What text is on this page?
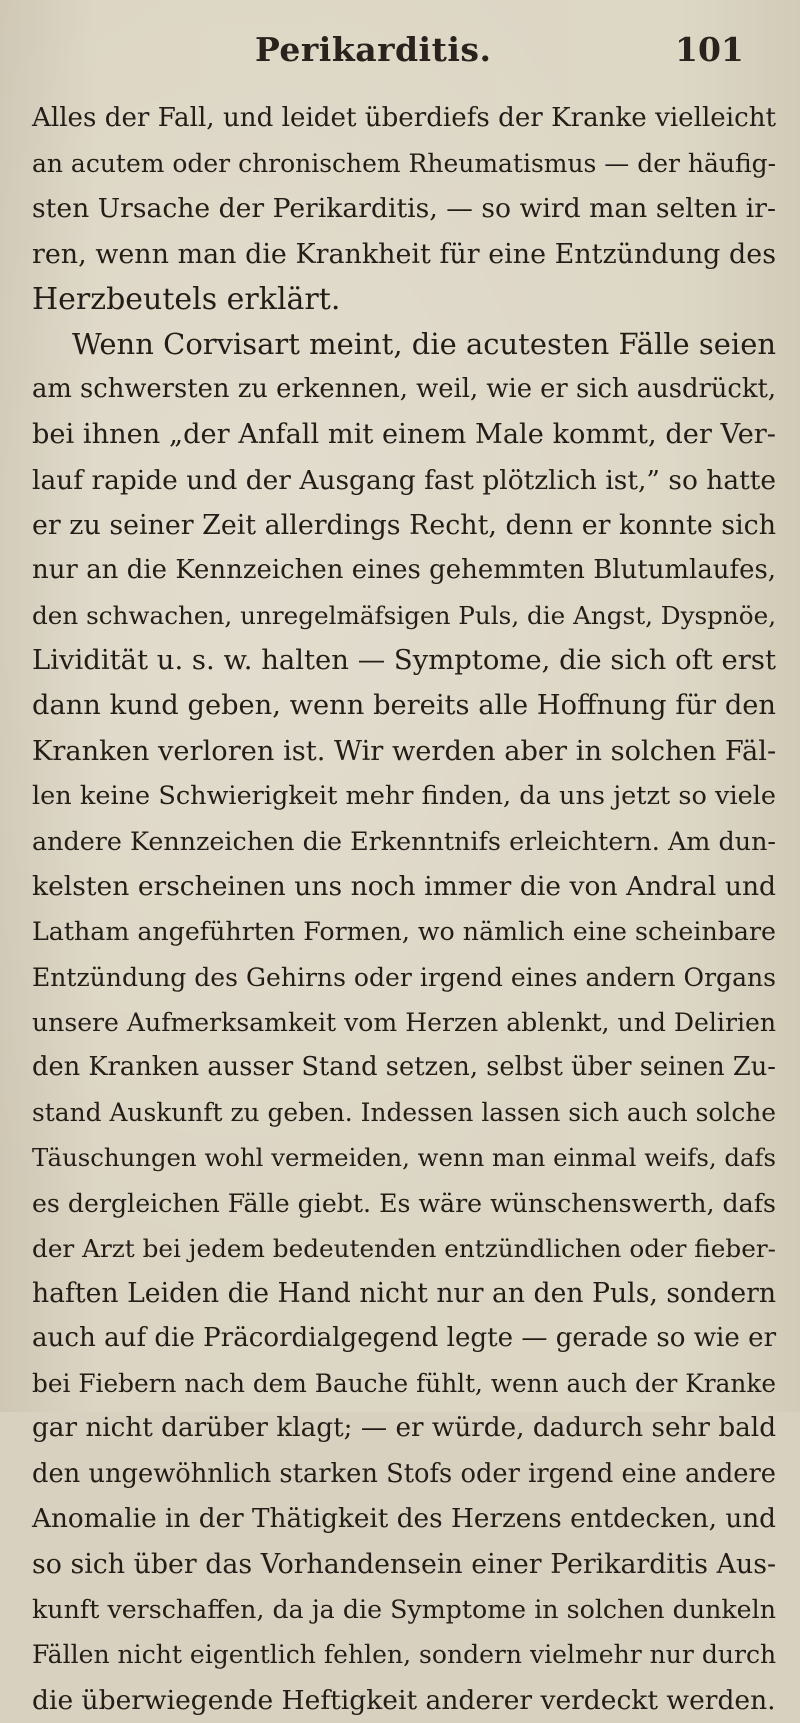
Perikarditis.	101
Alles der Fall, und leidet überdiefs der Kranke vielleicht
an acutem oder chronischem Rheumatismus — der häufig-
sten Ursache der Perikarditis, — so wird man selten ir-
ren, wenn man die Krankheit für eine Entzündung des
Herzbeutels erklärt.
Wenn Corvisart meint, die acutesten Fälle seien
am schwersten zu erkennen, weil, wie er sich ausdrückt,
bei ihnen „der Anfall mit einem Male kommt, der Ver-
lauf rapide und der Ausgang fast plötzlich ist,” so hatte
er zu seiner Zeit allerdings Recht, denn er konnte sich
nur an die Kennzeichen eines gehemmten Blutumlaufes,
den schwachen, unregelmäfsigen Puls, die Angst, Dyspnöe,
Lividität u. s. w. halten — Symptome, die sich oft erst
dann kund geben, wenn bereits alle Hoffnung für den
Kranken verloren ist. Wir werden aber in solchen Fäl-
len keine Schwierigkeit mehr finden, da uns jetzt so viele
andere Kennzeichen die Erkenntnifs erleichtern. Am dun-
kelsten erscheinen uns noch immer die von Andral und
Latham angeführten Formen, wo nämlich eine scheinbare
Entzündung des Gehirns oder irgend eines andern Organs
unsere Aufmerksamkeit vom Herzen ablenkt, und Delirien
den Kranken ausser Stand setzen, selbst über seinen Zu-
stand Auskunft zu geben. Indessen lassen sich auch solche
Täuschungen wohl vermeiden, wenn man einmal weifs, dafs
es dergleichen Fälle giebt. Es wäre wünschenswerth, dafs
der Arzt bei jedem bedeutenden entzündlichen oder fieber-
haften Leiden die Hand nicht nur an den Puls, sondern
auch auf die Präcordialgegend legte — gerade so wie er
bei Fiebern nach dem Bauche fühlt, wenn auch der Kranke
gar nicht darüber klagt; — er würde, dadurch sehr bald
den ungewöhnlich starken Stofs oder irgend eine andere
Anomalie in der Thätigkeit des Herzens entdecken, und
so sich über das Vorhandensein einer Perikarditis Aus-
kunft verschaffen, da ja die Symptome in solchen dunkeln
Fällen nicht eigentlich fehlen, sondern vielmehr nur durch
die überwiegende Heftigkeit anderer verdeckt werden.
